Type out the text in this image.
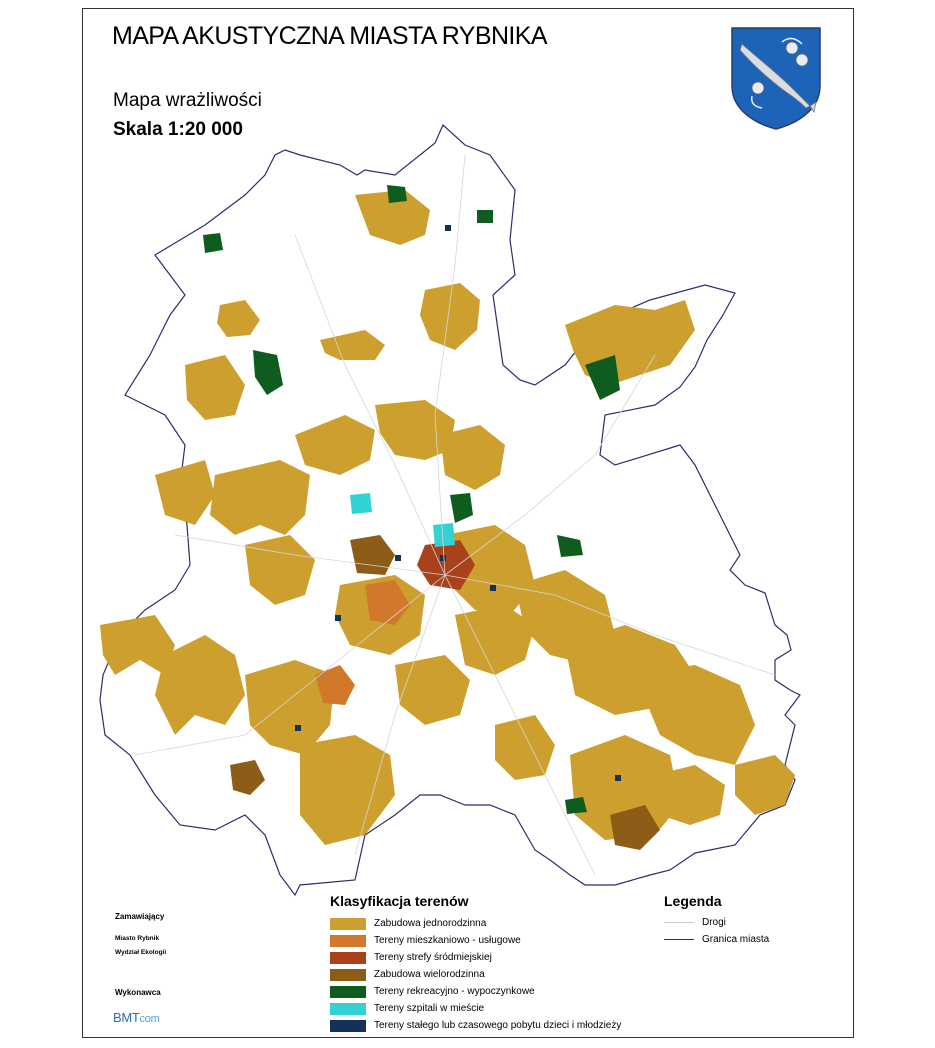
MAPA AKUSTYCZNA MIASTA RYBNIKA
Mapa wrażliwości
Skala 1:20 000
Zamawiający
Miasto Rybnik
Wydział Ekologii
Wykonawca
BMTcom
Klasyfikacja terenów
Zabudowa jednorodzinna
Tereny mieszkaniowo - usługowe
Tereny strefy śródmiejskiej
Zabudowa wielorodzinna
Tereny rekreacyjno - wypoczynkowe
Tereny szpitali w mieście
Tereny stałego lub czasowego pobytu dzieci i młodzieży
Legenda
Drogi
Granica miasta
